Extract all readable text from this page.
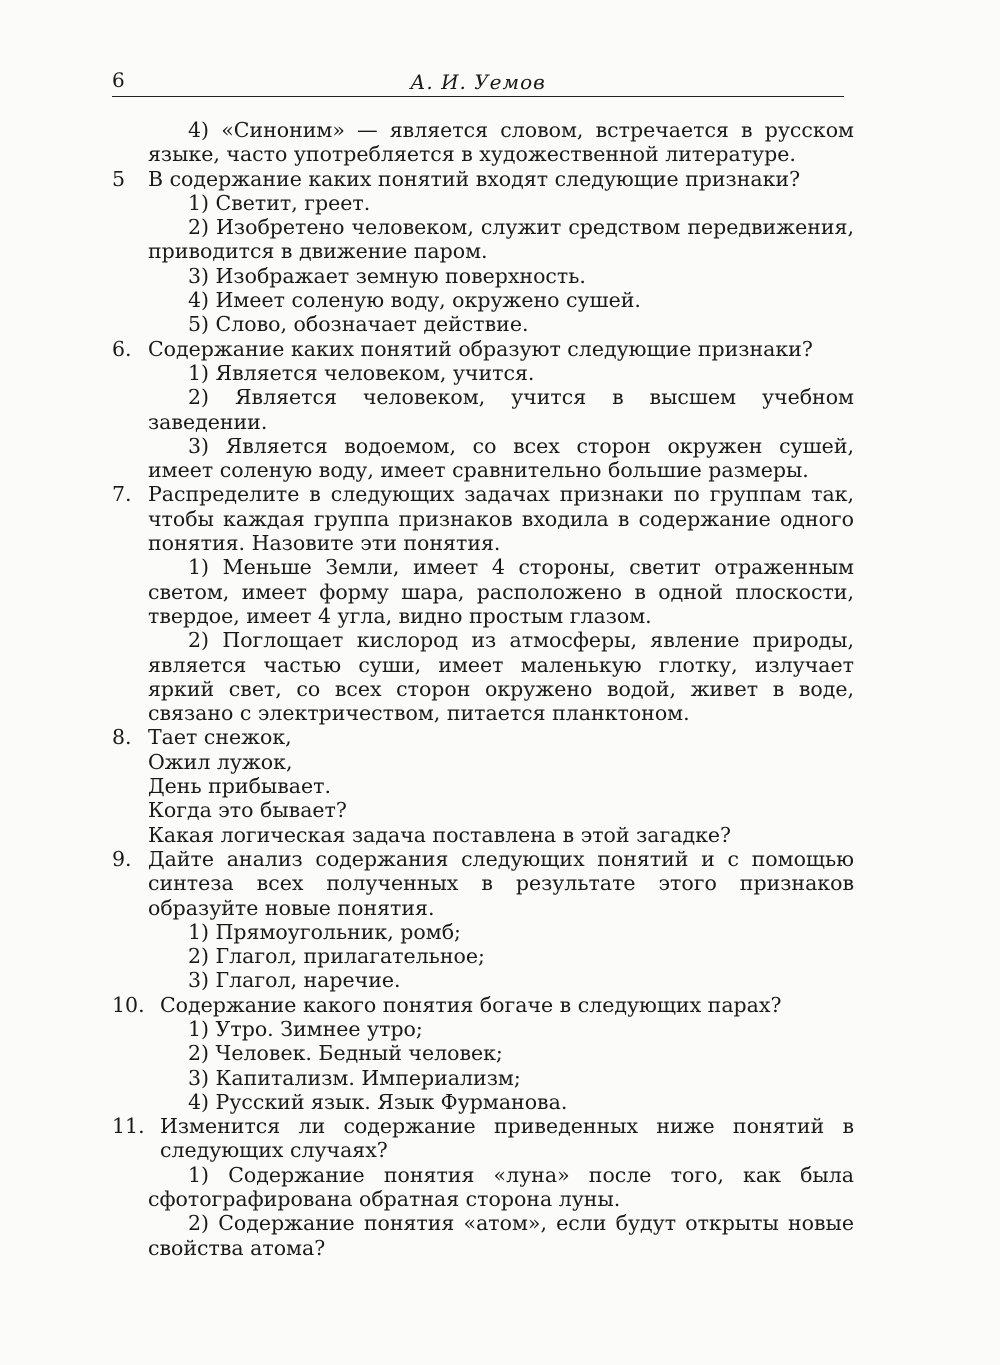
6	А. И. Уемов

4) «Синоним» — является словом, встречается в русском языке, часто употребляется в художественной литературе.

5 В содержание каких понятий входят следующие признаки?

1) Светит, греет.

2) Изобретено человеком, служит средством передвижения, приводится в движение паром.

3) Изображает земную поверхность.

4) Имеет соленую воду, окружено сушей.

5) Слово, обозначает действие.

6. Содержание каких понятий образуют следующие признаки?

1) Является человеком, учится.

2) Является человеком, учится в высшем учебном заведении.

3) Является водоемом, со всех сторон окружен сушей, имеет соленую воду, имеет сравнительно большие размеры.

7. Распределите в следующих задачах признаки по группам так, чтобы каждая группа признаков входила в содержание одного понятия. Назовите эти понятия.

1) Меньше Земли, имеет 4 стороны, светит отраженным светом, имеет форму шара, расположено в одной плоскости, твердое, имеет 4 угла, видно простым глазом.

2) Поглощает кислород из атмосферы, явление природы, является частью суши, имеет маленькую глотку, излучает яркий свет, со всех сторон окружено водой, живет в воде, связано с электричеством, питается планктоном.

8. Тает снежок,

Ожил лужок,

День прибывает.

Когда это бывает?

Какая логическая задача поставлена в этой загадке?

9. Дайте анализ содержания следующих понятий и с помощью синтеза всех полученных в результате этого признаков образуйте новые понятия.

1) Прямоугольник, ромб;

2) Глагол, прилагательное;

3) Глагол, наречие.

10. Содержание какого понятия богаче в следующих парах?

1) Утро. Зимнее утро;

2) Человек. Бедный человек;

3) Капитализм. Империализм;

4) Русский язык. Язык Фурманова.

11. Изменится ли содержание приведенных ниже понятий в следующих случаях?

1) Содержание понятия «луна» после того, как была сфотографирована обратная сторона луны.

2) Содержание понятия «атом», если будут открыты новые свойства атома?
